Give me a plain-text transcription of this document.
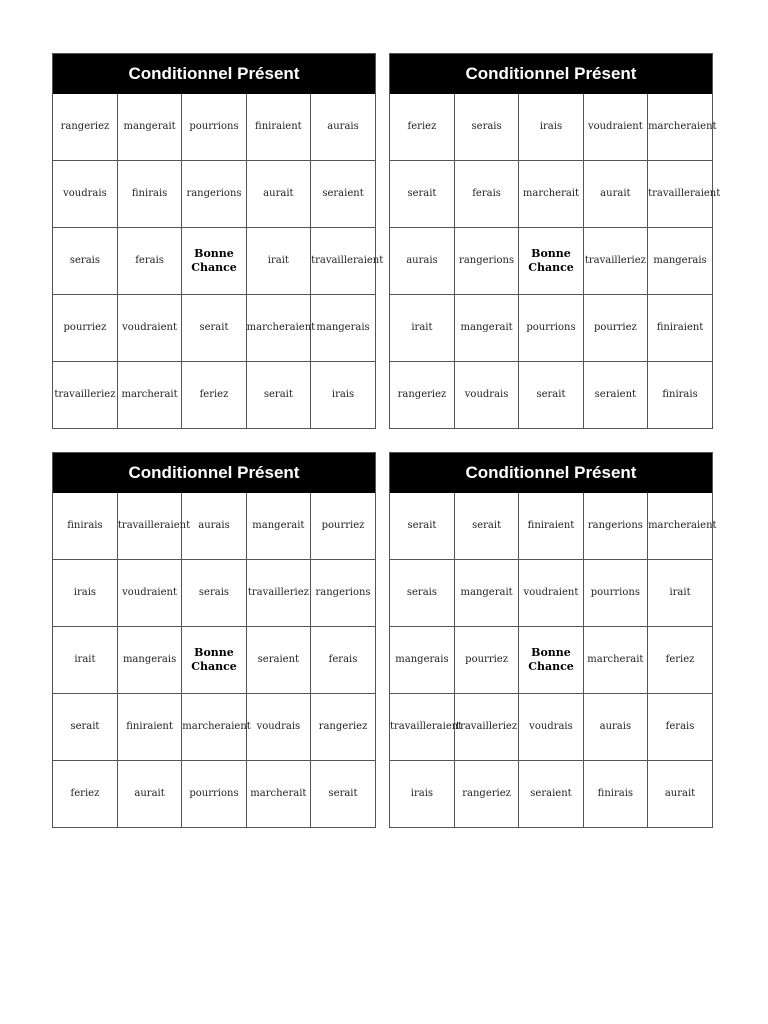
Conditionnel Présent
rangeriez	mangerait	pourrions	finiraient	aurais
voudrais	finirais	rangerions	aurait	seraient
serais	ferais	Bonne Chance	irait	travailleraient
pourriez	voudraient	serait	marcheraient	mangerais
travailleriez	marcherait	feriez	serait	irais
Conditionnel Présent
feriez	serais	irais	voudraient	marcheraient
serait	ferais	marcherait	aurait	travailleraient
aurais	rangerions	Bonne Chance	travailleriez	mangerais
irait	mangerait	pourrions	pourriez	finiraient
rangeriez	voudrais	serait	seraient	finirais
Conditionnel Présent
finirais	travailleraient	aurais	mangerait	pourriez
irais	voudraient	serais	travailleriez	rangerions
irait	mangerais	Bonne Chance	seraient	ferais
serait	finiraient	marcheraient	voudrais	rangeriez
feriez	aurait	pourrions	marcherait	serait
Conditionnel Présent
serait	serait	finiraient	rangerions	marcheraient
serais	mangerait	voudraient	pourrions	irait
mangerais	pourriez	Bonne Chance	marcherait	feriez
travailleraient	travailleriez	voudrais	aurais	ferais
irais	rangeriez	seraient	finirais	aurait
